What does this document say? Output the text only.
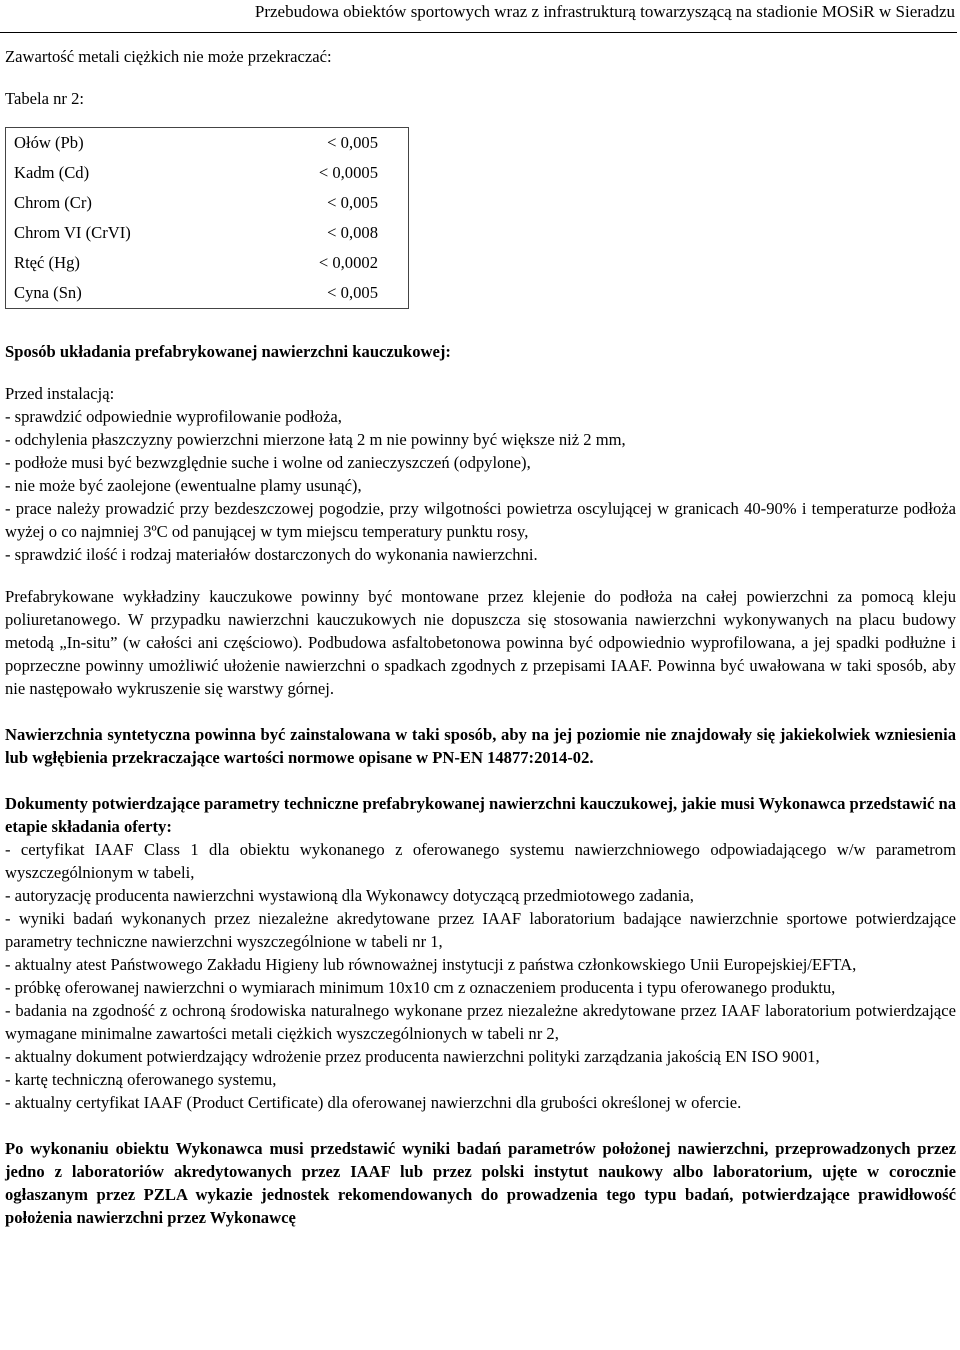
Przebudowa obiektów sportowych wraz z infrastrukturą towarzyszącą na stadionie MOSiR w Sieradzu

Zawartość metali ciężkich nie może przekraczać:

Tabela nr 2:

Ołów (Pb)	< 0,005
Kadm (Cd)	< 0,0005
Chrom (Cr)	< 0,005
Chrom VI (CrVI)	< 0,008
Rtęć (Hg)	< 0,0002
Cyna (Sn)	< 0,005

Sposób układania prefabrykowanej nawierzchni kauczukowej:

Przed instalacją:

- sprawdzić odpowiednie wyprofilowanie podłoża,

- odchylenia płaszczyzny powierzchni mierzone łatą 2 m nie powinny być większe niż 2 mm,

- podłoże musi być bezwzględnie suche i wolne od zanieczyszczeń (odpylone),

- nie może być zaolejone (ewentualne plamy usunąć),

- prace należy prowadzić przy bezdeszczowej pogodzie, przy wilgotności powietrza oscylującej w granicach 40-90% i temperaturze podłoża wyżej o co najmniej 3ºC od panującej w tym miejscu temperatury punktu rosy,

- sprawdzić ilość i rodzaj materiałów dostarczonych do wykonania nawierzchni.

Prefabrykowane wykładziny kauczukowe powinny być montowane przez klejenie do podłoża na całej powierzchni za pomocą kleju poliuretanowego. W przypadku nawierzchni kauczukowych nie dopuszcza się stosowania nawierzchni wykonywanych na placu budowy metodą „In-situ” (w całości ani częściowo). Podbudowa asfaltobetonowa powinna być odpowiednio wyprofilowana, a jej spadki podłużne i poprzeczne powinny umożliwić ułożenie nawierzchni o spadkach zgodnych z przepisami IAAF. Powinna być uwałowana w taki sposób, aby nie następowało wykruszenie się warstwy górnej.

Nawierzchnia syntetyczna powinna być zainstalowana w taki sposób, aby na jej poziomie nie znajdowały się jakiekolwiek wzniesienia lub wgłębienia przekraczające wartości normowe opisane w PN-EN 14877:2014-02.

Dokumenty potwierdzające parametry techniczne prefabrykowanej nawierzchni kauczukowej, jakie musi Wykonawca przedstawić na etapie składania oferty:

- certyfikat IAAF Class 1 dla obiektu wykonanego z oferowanego systemu nawierzchniowego odpowiadającego w/w parametrom wyszczególnionym w tabeli,

- autoryzację producenta nawierzchni wystawioną dla Wykonawcy dotyczącą przedmiotowego zadania,

- wyniki badań wykonanych przez niezależne akredytowane przez IAAF laboratorium badające nawierzchnie sportowe potwierdzające parametry techniczne nawierzchni wyszczególnione w tabeli nr 1,

- aktualny atest Państwowego Zakładu Higieny lub równoważnej instytucji z państwa członkowskiego Unii Europejskiej/EFTA,

- próbkę oferowanej nawierzchni o wymiarach minimum 10x10 cm z oznaczeniem producenta i typu oferowanego produktu,

- badania na zgodność z ochroną środowiska naturalnego wykonane przez niezależne akredytowane przez IAAF laboratorium potwierdzające wymagane minimalne zawartości metali ciężkich wyszczególnionych w tabeli nr 2,

- aktualny dokument potwierdzający wdrożenie przez producenta nawierzchni polityki zarządzania jakością EN ISO 9001,

- kartę techniczną oferowanego systemu,

- aktualny certyfikat IAAF (Product Certificate) dla oferowanej nawierzchni dla grubości określonej w ofercie.

Po wykonaniu obiektu Wykonawca musi przedstawić wyniki badań parametrów położonej nawierzchni, przeprowadzonych przez jedno z laboratoriów akredytowanych przez IAAF lub przez polski instytut naukowy albo laboratorium, ujęte w corocznie ogłaszanym przez PZLA wykazie jednostek rekomendowanych do prowadzenia tego typu badań, potwierdzające prawidłowość położenia nawierzchni przez Wykonawcę
